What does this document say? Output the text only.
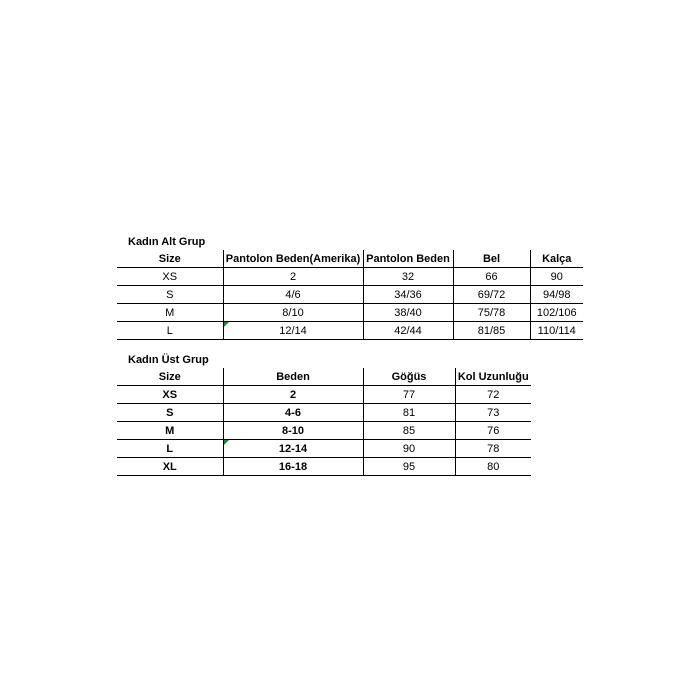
Kadın Alt Grup
Size	Pantolon Beden(Amerika)	Pantolon Beden	Bel	Kalça
XS	2	32	66	90
S	4/6	34/36	69/72	94/98
M	8/10	38/40	75/78	102/106
L	12/14	42/44	81/85	110/114
Kadın Üst Grup
Size	Beden	Göğüs	Kol Uzunluğu
XS	2	77	72
S	4-6	81	73
M	8-10	85	76
L	12-14	90	78
XL	16-18	95	80
